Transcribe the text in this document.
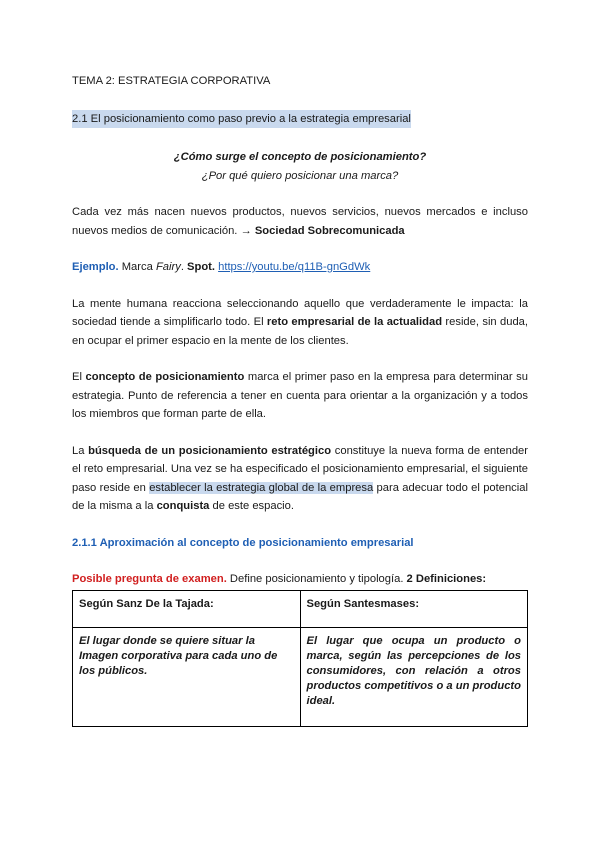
TEMA 2: ESTRATEGIA CORPORATIVA

2.1 El posicionamiento como paso previo a la estrategia empresarial

¿Cómo surge el concepto de posicionamiento?

¿Por qué quiero posicionar una marca?

Cada vez más nacen nuevos productos, nuevos servicios, nuevos mercados e incluso nuevos medios de comunicación. → Sociedad Sobrecomunicada

Ejemplo. Marca Fairy. Spot. https://youtu.be/q11B-gnGdWk

La mente humana reacciona seleccionando aquello que verdaderamente le impacta: la sociedad tiende a simplificarlo todo. El reto empresarial de la actualidad reside, sin duda, en ocupar el primer espacio en la mente de los clientes.

El concepto de posicionamiento marca el primer paso en la empresa para determinar su estrategia. Punto de referencia a tener en cuenta para orientar a la organización y a todos los miembros que forman parte de ella.

La búsqueda de un posicionamiento estratégico constituye la nueva forma de entender el reto empresarial. Una vez se ha especificado el posicionamiento empresarial, el siguiente paso reside en establecer la estrategia global de la empresa para adecuar todo el potencial de la misma a la conquista de este espacio.

2.1.1 Aproximación al concepto de posicionamiento empresarial

Posible pregunta de examen. Define posicionamiento y tipología. 2 Definiciones:

Según Sanz De la Tajada:	Según Santesmases:
El lugar donde se quiere situar la Imagen corporativa para cada uno de los públicos.	El lugar que ocupa un producto o marca, según las percepciones de los consumidores, con relación a otros productos competitivos o a un producto ideal.
